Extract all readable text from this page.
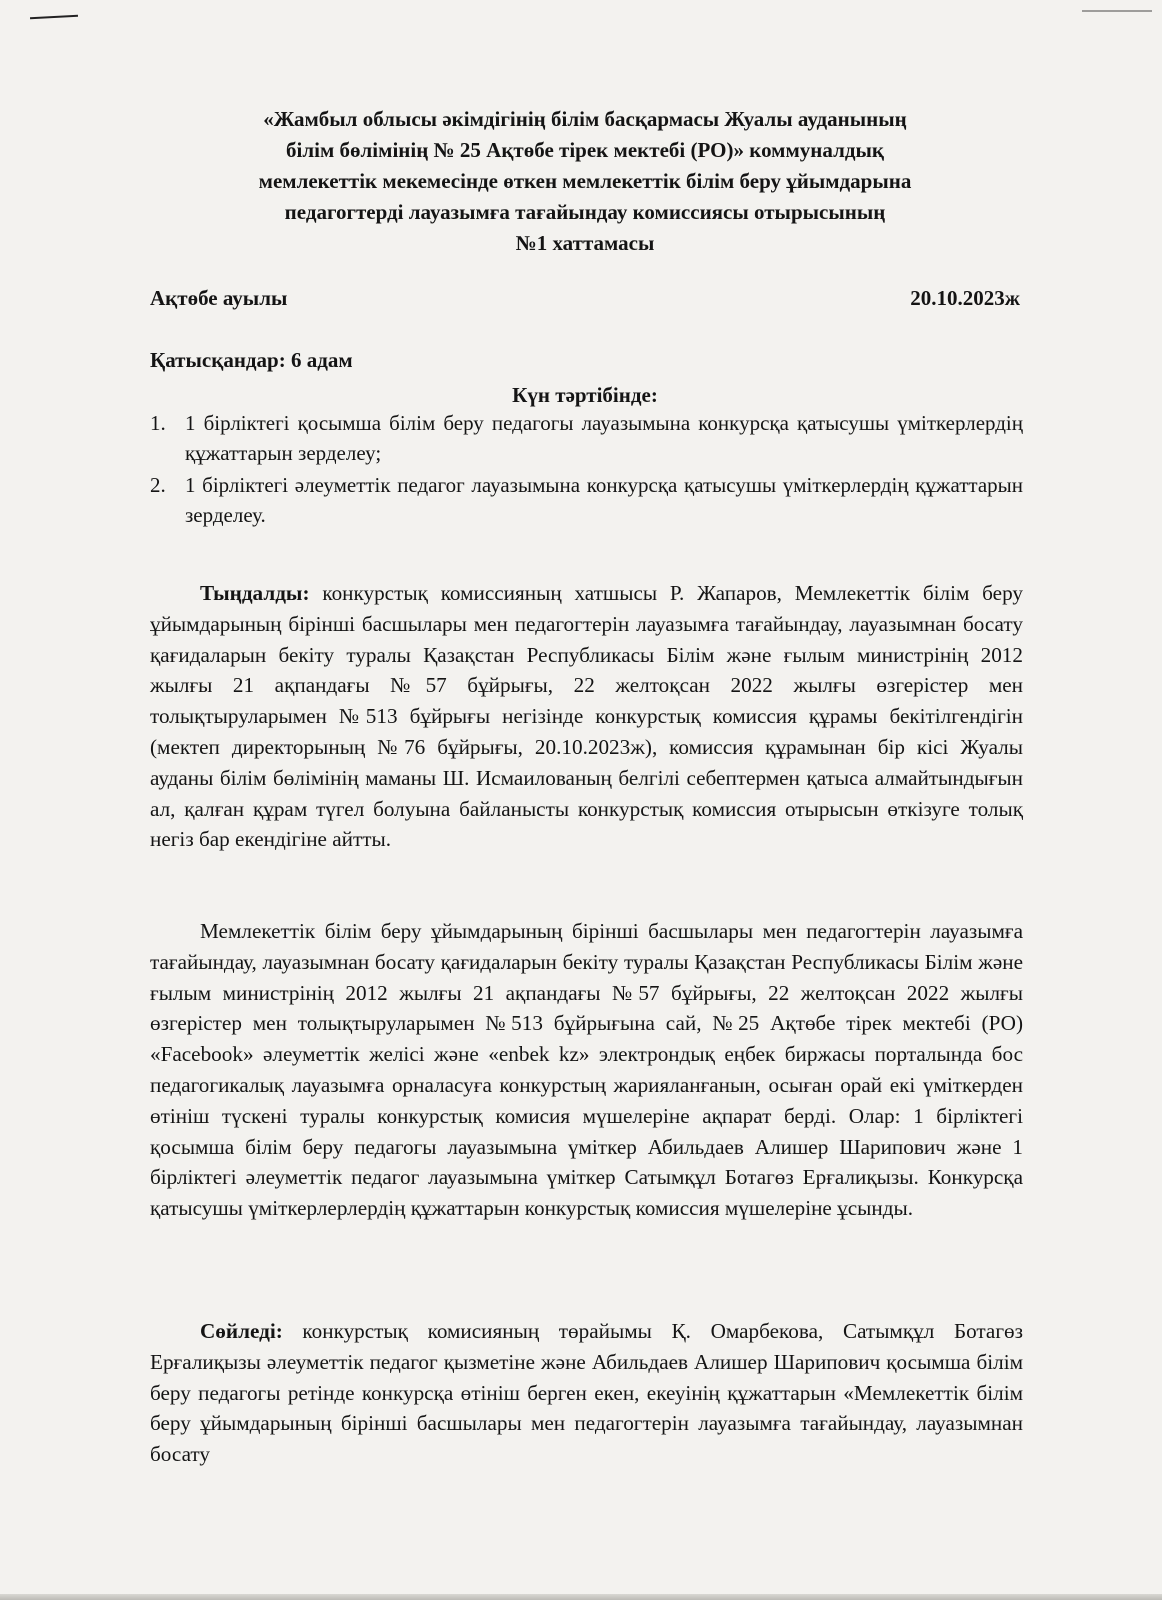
«Жамбыл облысы әкімдігінің білім басқармасы Жуалы ауданының
білім бөлімінің № 25 Ақтөбе тірек мектебі (РО)» коммуналдық
мемлекеттік мекемесінде өткен мемлекеттік білім беру ұйымдарына
педагогтерді лауазымға тағайындау комиссиясы отырысының
№1 хаттамасы
Ақтөбе ауылы	20.10.2023ж
Қатысқандар: 6 адам
Күн тәртібінде:
1. 1 бірліктегі қосымша білім беру педагогы лауазымына конкурсқа қатысушы үміткерлердің құжаттарын зерделеу;
2. 1 бірліктегі әлеуметтік педагог лауазымына конкурсқа қатысушы үміткерлердің құжаттарын зерделеу.

Тыңдалды: конкурстық комиссияның хатшысы Р. Жапаров, Мемлекеттік білім беру ұйымдарының бірінші басшылары мен педагогтерін лауазымға тағайындау, лауазымнан босату қағидаларын бекіту туралы Қазақстан Республикасы Білім және ғылым министрінің 2012 жылғы 21 ақпандағы №57 бұйрығы, 22 желтоқсан 2022 жылғы өзгерістер мен толықтыруларымен №513 бұйрығы негізінде конкурстық комиссия құрамы бекітілгендігін (мектеп директорының №76 бұйрығы, 20.10.2023ж), комиссия құрамынан бір кісі Жуалы ауданы білім бөлімінің маманы Ш. Исмаилованың белгілі себептермен қатыса алмайтындығын ал, қалған құрам түгел болуына байланысты конкурстық комиссия отырысын өткізуге толық негіз бар екендігіне айтты.

Мемлекеттік білім беру ұйымдарының бірінші басшылары мен педагогтерін лауазымға тағайындау, лауазымнан босату қағидаларын бекіту туралы Қазақстан Республикасы Білім және ғылым министрінің 2012 жылғы 21 ақпандағы №57 бұйрығы, 22 желтоқсан 2022 жылғы өзгерістер мен толықтыруларымен №513 бұйрығына сай, №25 Ақтөбе тірек мектебі (РО) «Facebook» әлеуметтік желісі және «enbek kz» электрондық еңбек биржасы порталында бос педагогикалық лауазымға орналасуға конкурстың жарияланғанын, осыған орай екі үміткерден өтініш түскені туралы конкурстық комисия мүшелеріне ақпарат берді. Олар: 1 бірліктегі қосымша білім беру педагогы лауазымына үміткер Абильдаев Алишер Шарипович және 1 бірліктегі әлеуметтік педагог лауазымына үміткер Сатымқұл Ботагөз Ерғалиқызы. Конкурсқа қатысушы үміткерлерлердің құжаттарын конкурстық комиссия мүшелеріне ұсынды.

Сөйледі: конкурстық комисияның төрайымы Қ. Омарбекова, Сатымқұл Ботагөз Ерғалиқызы әлеуметтік педагог қызметіне және Абильдаев Алишер Шарипович қосымша білім беру педагогы ретінде конкурсқа өтініш берген екен, екеуінің құжаттарын «Мемлекеттік білім беру ұйымдарының бірінші басшылары мен педагогтерін лауазымға тағайындау, лауазымнан босату
